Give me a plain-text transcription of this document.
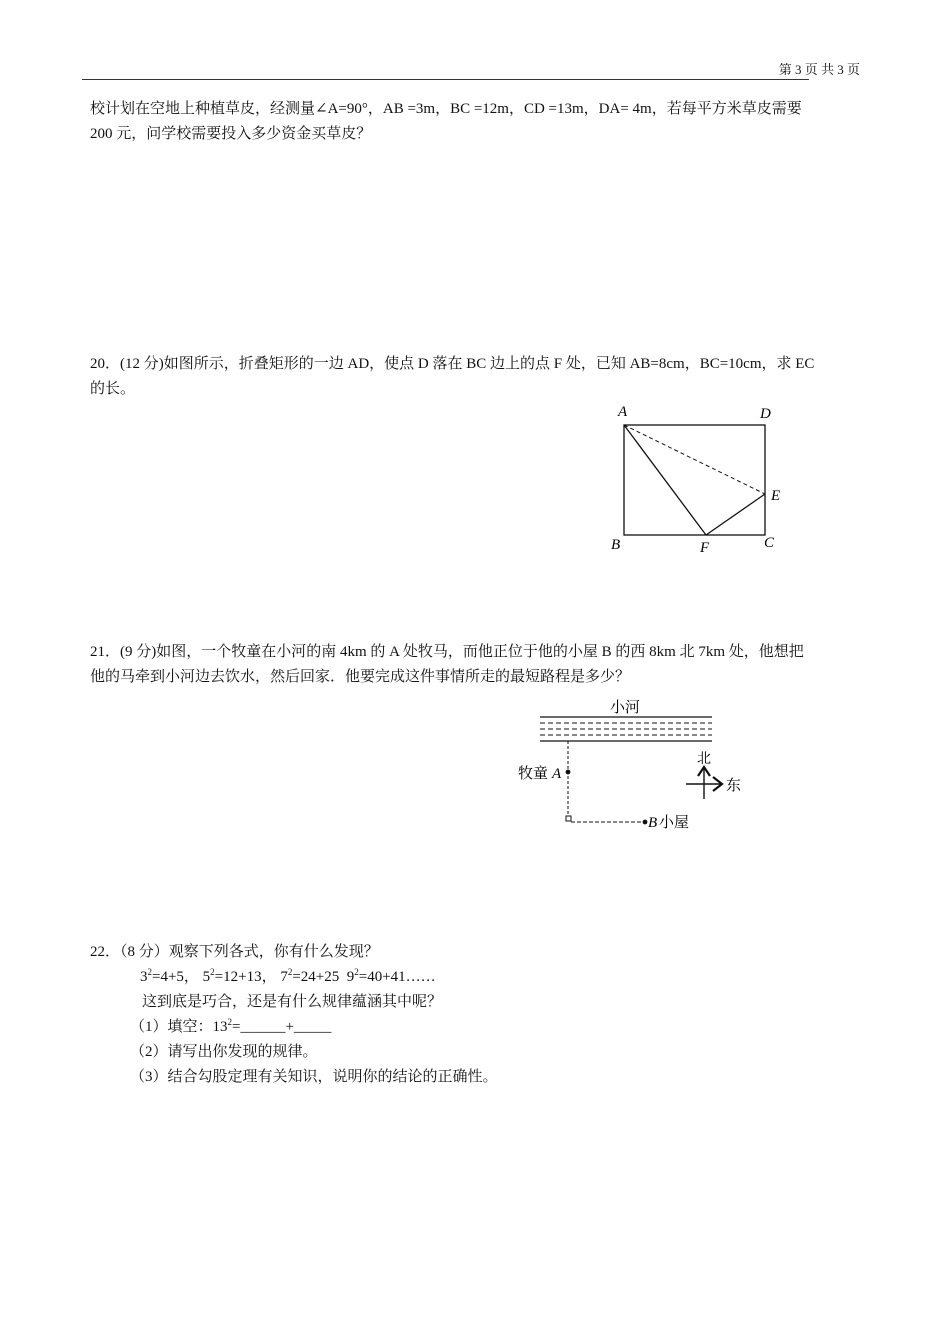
第 3 页 共 3 页
校计划在空地上种植草皮，经测量∠A=90°，AB =3m，BC =12m，CD =13m，DA= 4m，若每平方米草皮需要
200 元，问学校需要投入多少资金买草皮？
20．(12 分)如图所示，折叠矩形的一边 AD，使点 D 落在 BC 边上的点 F 处，已知 AB=8cm，BC=10cm，求 EC
的长。
A	D
E
B	F	C
21．(9 分)如图，一个牧童在小河的南 4km 的 A 处牧马，而他正位于他的小屋 B 的西 8km 北 7km 处，他想把
他的马牵到小河边去饮水，然后回家．他要完成这件事情所走的最短路程是多少？
小河
牧童 A
B 小屋
北
东
22．（8 分）观察下列各式，你有什么发现？
$3^2=4+5$， $5^2=12+13$， $7^2=24+25$ $9^2=40+41\dots\dots$
这到底是巧合，还是有什么规律蕴涵其中呢？
（1）填空：$13^2=\_\_\_\_\_\_+\_\_\_\_\_$
（2）请写出你发现的规律。
（3）结合勾股定理有关知识，说明你的结论的正确性。
